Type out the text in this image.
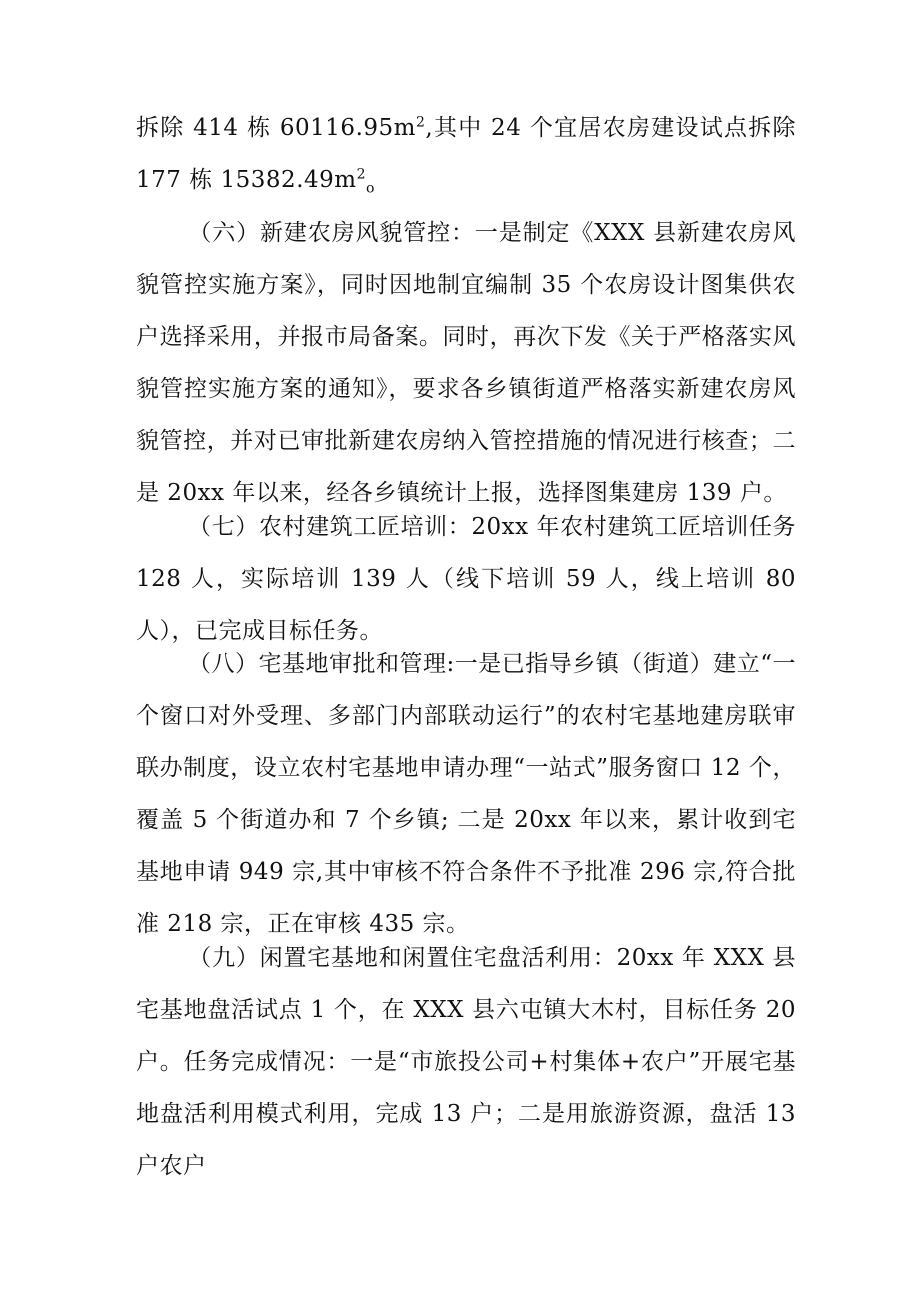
拆除 414 栋 $60116.95m^2$,其中 24 个宜居农房建设试点拆除 177 栋 $15382.49m^2_o$

（六）新建农房风貌管控：一是制定《XXX 县新建农房风貌管控实施方案》，同时因地制宜编制 35 个农房设计图集供农户选择采用，并报市局备案。同时，再次下发《关于严格落实风貌管控实施方案的通知》，要求各乡镇街道严格落实新建农房风貌管控，并对已审批新建农房纳入管控措施的情况进行核查；二是 20xx 年以来，经各乡镇统计上报，选择图集建房 139 户。

（七）农村建筑工匠培训：20xx 年农村建筑工匠培训任务 128 人，实际培训 139 人（线下培训 59 人，线上培训 80 人），已完成目标任务。

（八）宅基地审批和管理:一是已指导乡镇（街道）建立“一个窗口对外受理、多部门内部联动运行”的农村宅基地建房联审联办制度，设立农村宅基地申请办理“一站式”服务窗口 12 个，覆盖 5 个街道办和 7 个乡镇; 二是 20xx 年以来，累计收到宅基地申请 949 宗,其中审核不符合条件不予批准 296 宗,符合批准 218 宗，正在审核 435 宗。

（九）闲置宅基地和闲置住宅盘活利用：20xx 年 XXX 县宅基地盘活试点 1 个，在 XXX 县六屯镇大木村，目标任务 20 户。任务完成情况：一是“市旅投公司+村集体+农户”开展宅基地盘活利用模式利用，完成 13 户；二是用旅游资源，盘活 13 户农户
